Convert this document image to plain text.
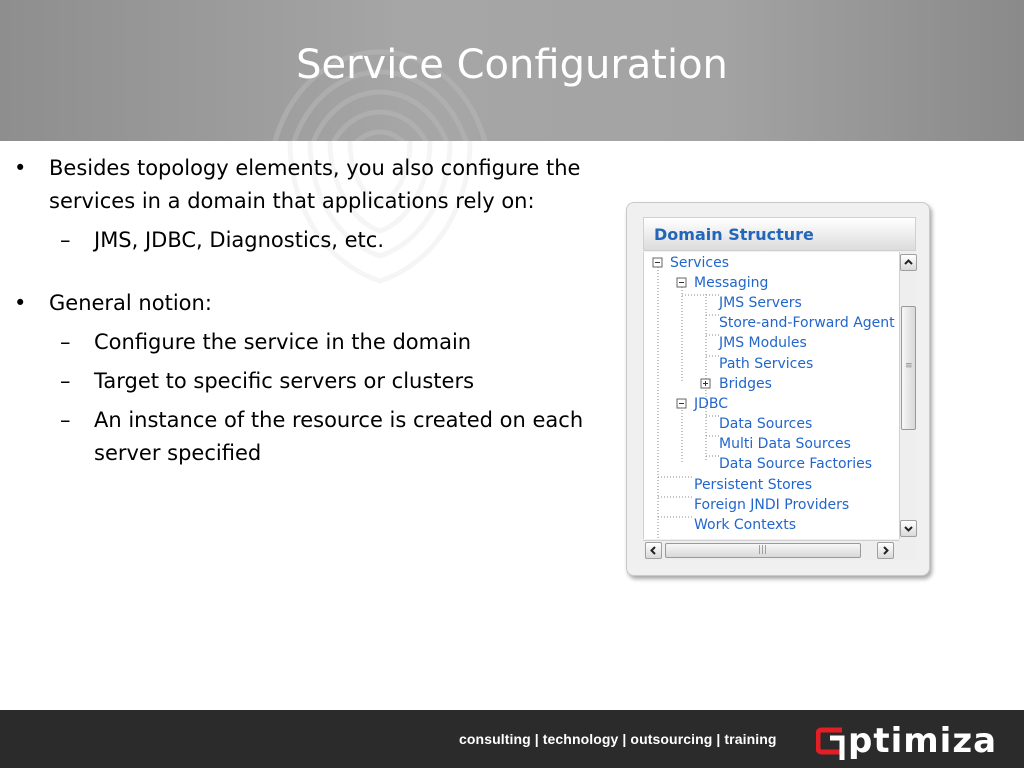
Service Configuration
• Besides topology elements, you also configure the services in a domain that applications rely on:
– JMS, JDBC, Diagnostics, etc.
• General notion:
– Configure the service in the domain
– Target to specific servers or clusters
– An instance of the resource is created on each server specified
Domain Structure
Services
Messaging
JMS Servers
Store-and-Forward Agent
JMS Modules
Path Services
Bridges
JDBC
Data Sources
Multi Data Sources
Data Source Factories
Persistent Stores
Foreign JNDI Providers
Work Contexts
≡
|||
consulting | technology | outsourcing | training ptimiza
